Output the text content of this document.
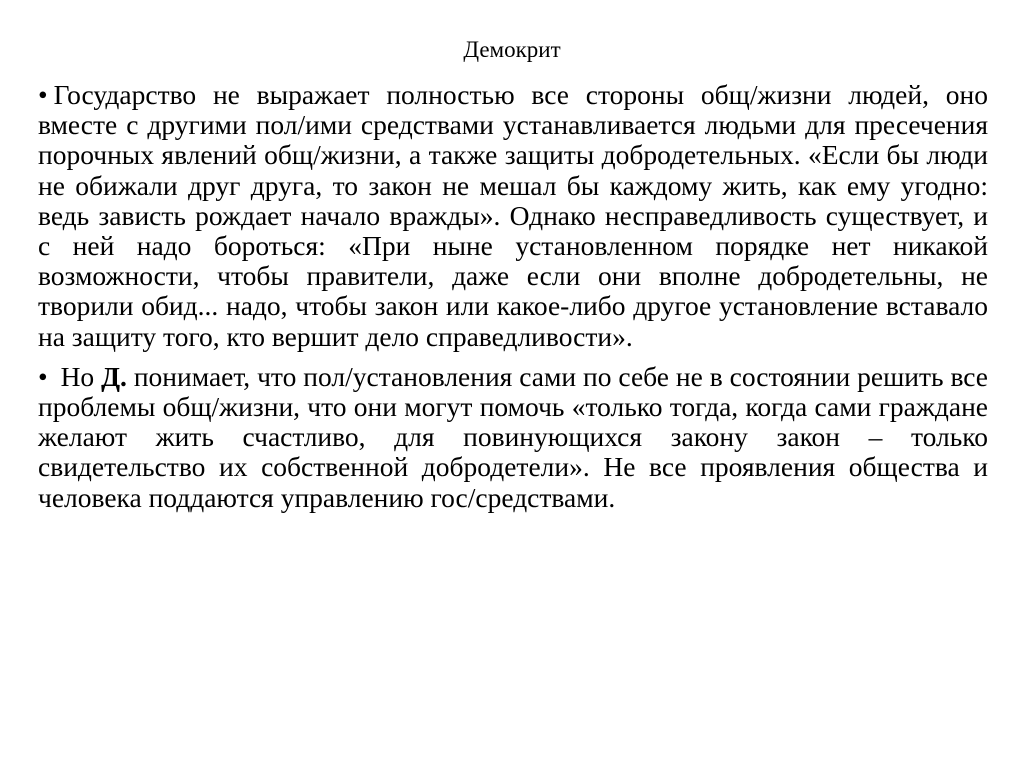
Демокрит

• Государство не выражает полностью все стороны общ/жизни людей, оно вместе с другими пол/ими средствами устанавливается людьми для пресечения порочных явлений общ/жизни, а также защиты добродетельных. «Если бы люди не обижали друг друга, то закон не мешал бы каждому жить, как ему угодно: ведь зависть рождает начало вражды». Однако несправедливость существует, и с ней надо бороться: «При ныне установленном порядке нет никакой возможности, чтобы правители, даже если они вполне добродетельны, не творили обид... надо, чтобы закон или какое-либо другое установление вставало на защиту того, кто вершит дело справедливости».

• Но Д. понимает, что пол/установления сами по себе не в состоянии решить все проблемы общ/жизни, что они могут помочь «только тогда, когда сами граждане желают жить счастливо, для повинующихся закону закон – только свидетельство их собственной добродетели». Не все проявления общества и человека поддаются управлению гос/средствами.
